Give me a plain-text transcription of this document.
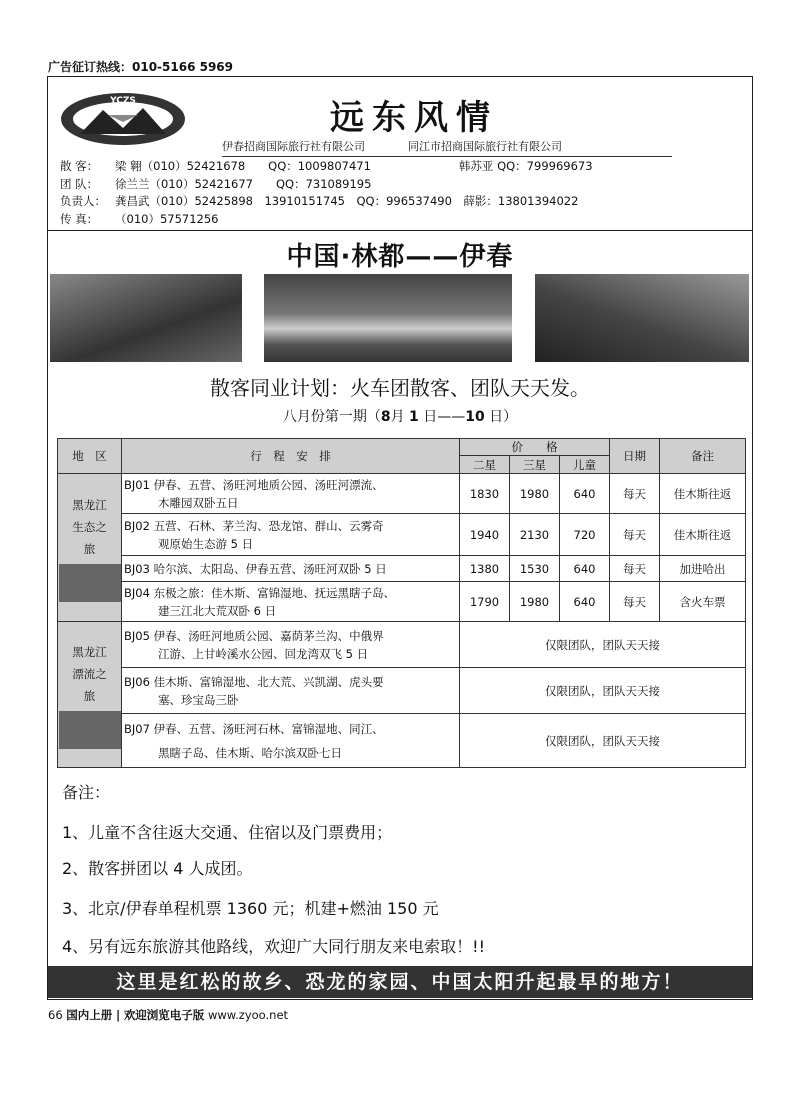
广告征订热线：010-5166 5969
YCZS	远东风情
伊春招商国际旅行社有限公司	同江市招商国际旅行社有限公司
散 客： 梁 翱（010）52421678　　QQ：1009807471	韩苏亚 QQ：799969673
团 队： 徐兰兰（010）52421677　　QQ：731089195
负责人： 龚昌武（010）52425898　13910151745　QQ：996537490　薛影：13801394022
传 真： （010）57571256
中国·林都——伊春
散客同业计划：火车团散客、团队天天发。
八月份第一期（8月 1 日——10 日）
地　区	行　程　安　排	价　　格			日期	备注
		二星	三星	儿童		

黑龙江生态之旅	BJ01 伊春、五营、汤旺河地质公园、汤旺河漂流、
木雕园双卧五日	1830	1980	640	每天	佳木斯往返
	BJ02 五营、石林、茅兰沟、恐龙馆、群山、云雾奇
观原始生态游 5 日	1940	2130	720	每天	佳木斯往返
	BJ03 哈尔滨、太阳岛、伊春五营、汤旺河双卧 5 日	1380	1530	640	每天	加进哈出
	BJ04 东极之旅：佳木斯、富锦湿地、抚远黑瞎子岛、
建三江北大荒双卧 6 日	1790	1980	640	每天	含火车票

黑龙江漂流之旅	BJ05 伊春、汤旺河地质公园、嘉荫茅兰沟、中俄界
江游、上甘岭溪水公园、回龙湾双飞 5 日	仅限团队，团队天天接				
	BJ06 佳木斯、富锦湿地、北大荒、兴凯湖、虎头要
塞、珍宝岛三卧	仅限团队，团队天天接				
	BJ07 伊春、五营、汤旺河石林、富锦湿地、同江、
黑瞎子岛、佳木斯、哈尔滨双卧七日	仅限团队，团队天天接				
备注：
1、儿童不含往返大交通、住宿以及门票费用；
2、散客拼团以 4 人成团。
3、北京/伊春单程机票 1360 元；机建+燃油 150 元
4、另有远东旅游其他路线，欢迎广大同行朋友来电索取！!!
这里是红松的故乡、恐龙的家园、中国太阳升起最早的地方！
66 国内上册 | 欢迎浏览电子版 www.zyoo.net
